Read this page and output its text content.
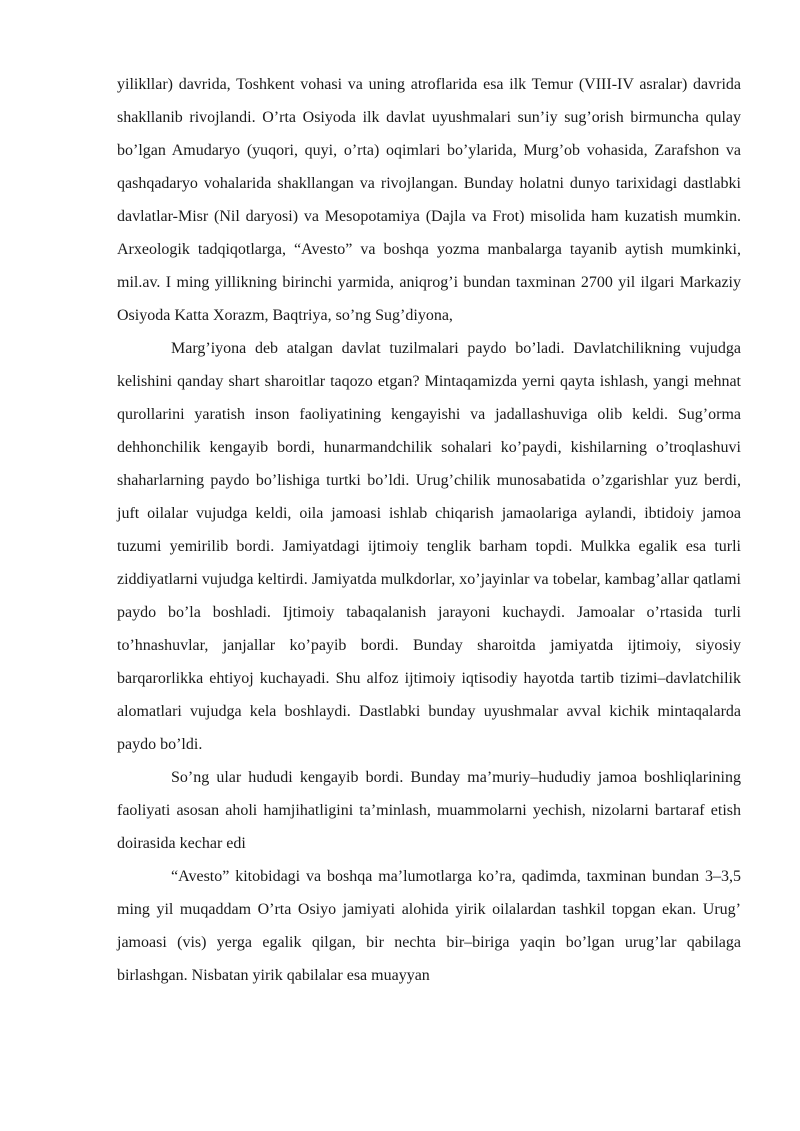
yilikllar) davrida, Toshkent vohasi va uning atroflarida esa ilk Temur (VIII-IV asralar) davrida shakllanib rivojlandi. O’rta Osiyoda ilk davlat uyushmalari sun’iy sug’orish birmuncha qulay bo’lgan Amudaryo (yuqori, quyi, o’rta) oqimlari bo’ylarida, Murg’ob vohasida, Zarafshon va qashqadaryo vohalarida shakllangan va rivojlangan. Bunday holatni dunyo tarixidagi dastlabki davlatlar-Misr (Nil daryosi) va Mesopotamiya (Dajla va Frot) misolida ham kuzatish mumkin. Arxeologik tadqiqotlarga, “Avesto” va boshqa yozma manbalarga tayanib aytish mumkinki, mil.av. I ming yillikning birinchi yarmida, aniqrog’i bundan taxminan 2700 yil ilgari Markaziy Osiyoda Katta Xorazm, Baqtriya, so’ng Sug’diyona,

Marg’iyona deb atalgan davlat tuzilmalari paydo bo’ladi. Davlatchilikning vujudga kelishini qanday shart sharoitlar taqozo etgan? Mintaqamizda yerni qayta ishlash, yangi mehnat qurollarini yaratish inson faoliyatining kengayishi va jadallashuviga olib keldi. Sug’orma dehhonchilik kengayib bordi, hunarmandchilik sohalari ko’paydi, kishilarning o’troqlashuvi shaharlarning paydo bo’lishiga turtki bo’ldi. Urug’chilik munosabatida o’zgarishlar yuz berdi, juft oilalar vujudga keldi, oila jamoasi ishlab chiqarish jamaolariga aylandi, ibtidoiy jamoa tuzumi yemirilib bordi. Jamiyatdagi ijtimoiy tenglik barham topdi. Mulkka egalik esa turli ziddiyatlarni vujudga keltirdi. Jamiyatda mulkdorlar, xo’jayinlar va tobelar, kambag’allar qatlami paydo bo’la boshladi. Ijtimoiy tabaqalanish jarayoni kuchaydi. Jamoalar o’rtasida turli to’hnashuvlar, janjallar ko’payib bordi. Bunday sharoitda jamiyatda ijtimoiy, siyosiy barqarorlikka ehtiyoj kuchayadi. Shu alfoz ijtimoiy iqtisodiy hayotda tartib tizimi–davlatchilik alomatlari vujudga kela boshlaydi. Dastlabki bunday uyushmalar avval kichik mintaqalarda paydo bo’ldi.

So’ng ular hududi kengayib bordi. Bunday ma’muriy–hududiy jamoa boshliqlarining faoliyati asosan aholi hamjihatligini ta’minlash, muammolarni yechish, nizolarni bartaraf etish doirasida kechar edi

“Avesto” kitobidagi va boshqa ma’lumotlarga ko’ra, qadimda, taxminan bundan 3–3,5 ming yil muqaddam O’rta Osiyo jamiyati alohida yirik oilalardan tashkil topgan ekan. Urug’ jamoasi (vis) yerga egalik qilgan, bir nechta bir–biriga yaqin bo’lgan urug’lar qabilaga birlashgan. Nisbatan yirik qabilalar esa muayyan
